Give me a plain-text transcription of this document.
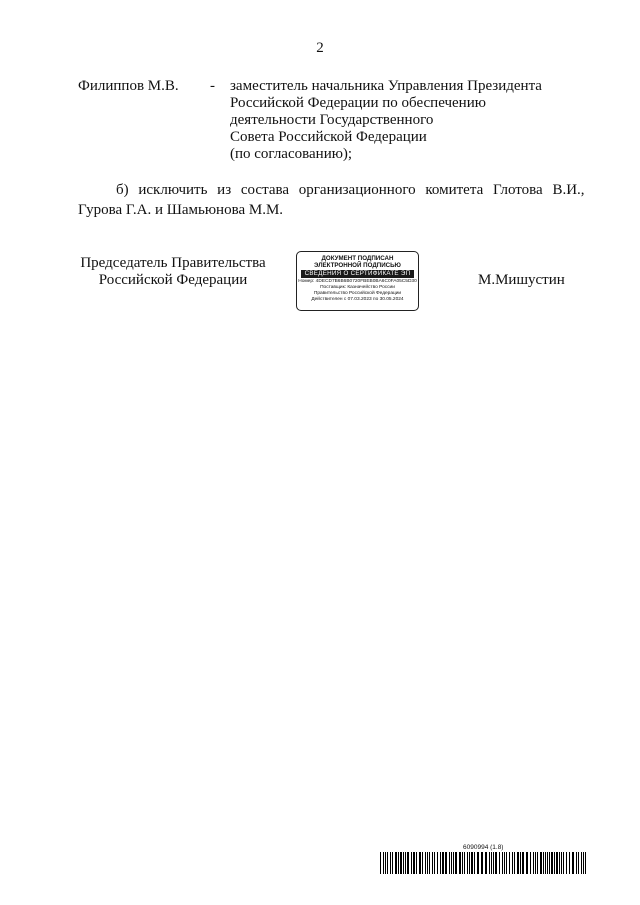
2
Филиппов М.В. - заместитель начальника Управления Президента
Российской Федерации по обеспечению
деятельности Государственного
Совета Российской Федерации
(по согласованию);
б) исключить из состава организационного комитета Глотова В.И.,
Гурова Г.А. и Шамьюнова М.М.
Председатель Правительства
Российской Федерации
ДОКУМЕНТ ПОДПИСАН
ЭЛЕКТРОННОЙ ПОДПИСЬЮ
СВЕДЕНИЯ О СЕРТИФИКАТЕ ЭП
Номер: 4DECD7B6B6B0720FBEB0BA6C0FA05C5D30
Поставщик: Казначейство России
Правительство Российской Федерации
Действителен с 07.03.2023 по 30.05.2024
М.Мишустин
6090994 (1.8)
